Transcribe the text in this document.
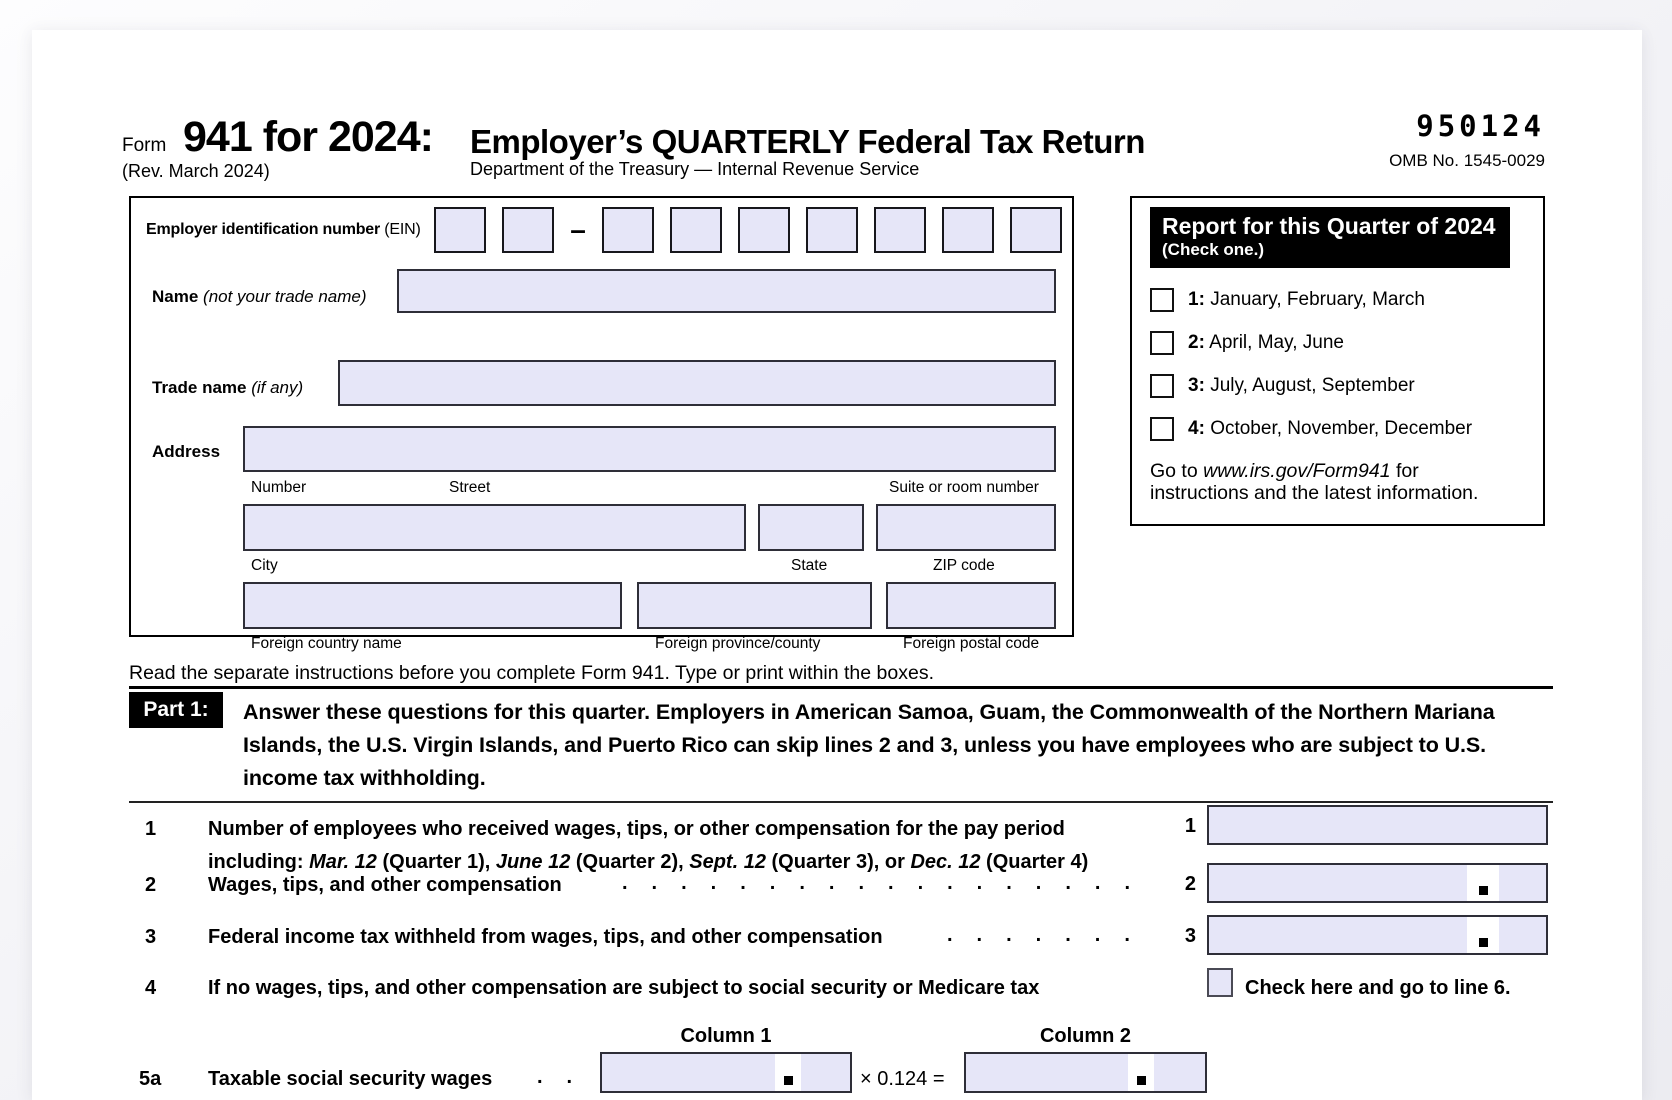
Form 941 for 2024: Employer’s QUARTERLY Federal Tax Return
(Rev. March 2024)	Department of the Treasury — Internal Revenue Service
950124
OMB No. 1545-0029
Employer identification number (EIN)	–
Name (not your trade name)
Trade name (if any)
Address
Number	Street	Suite or room number
City	State	ZIP code
Foreign country name	Foreign province/county	Foreign postal code
Report for this Quarter of 2024
(Check one.)
1: January, February, March
2: April, May, June
3: July, August, September
4: October, November, December
Go to www.irs.gov/Form941 for
instructions and the latest information.
Read the separate instructions before you complete Form 941. Type or print within the boxes.
Part 1:	Answer these questions for this quarter. Employers in American Samoa, Guam, the Commonwealth of the Northern Mariana Islands, the U.S. Virgin Islands, and Puerto Rico can skip lines 2 and 3, unless you have employees who are subject to U.S. income tax withholding.
1	Number of employees who received wages, tips, or other compensation for the pay period
including: Mar. 12 (Quarter 1), June 12 (Quarter 2), Sept. 12 (Quarter 3), or Dec. 12 (Quarter 4)
1
2	Wages, tips, and other compensation	..................	2
3	Federal income tax withheld from wages, tips, and other compensation	.......	3
4	If no wages, tips, and other compensation are subject to social security or Medicare tax	Check here and go to line 6.
Column 1	Column 2
5a Taxable social security wages ..	× 0.124 =
